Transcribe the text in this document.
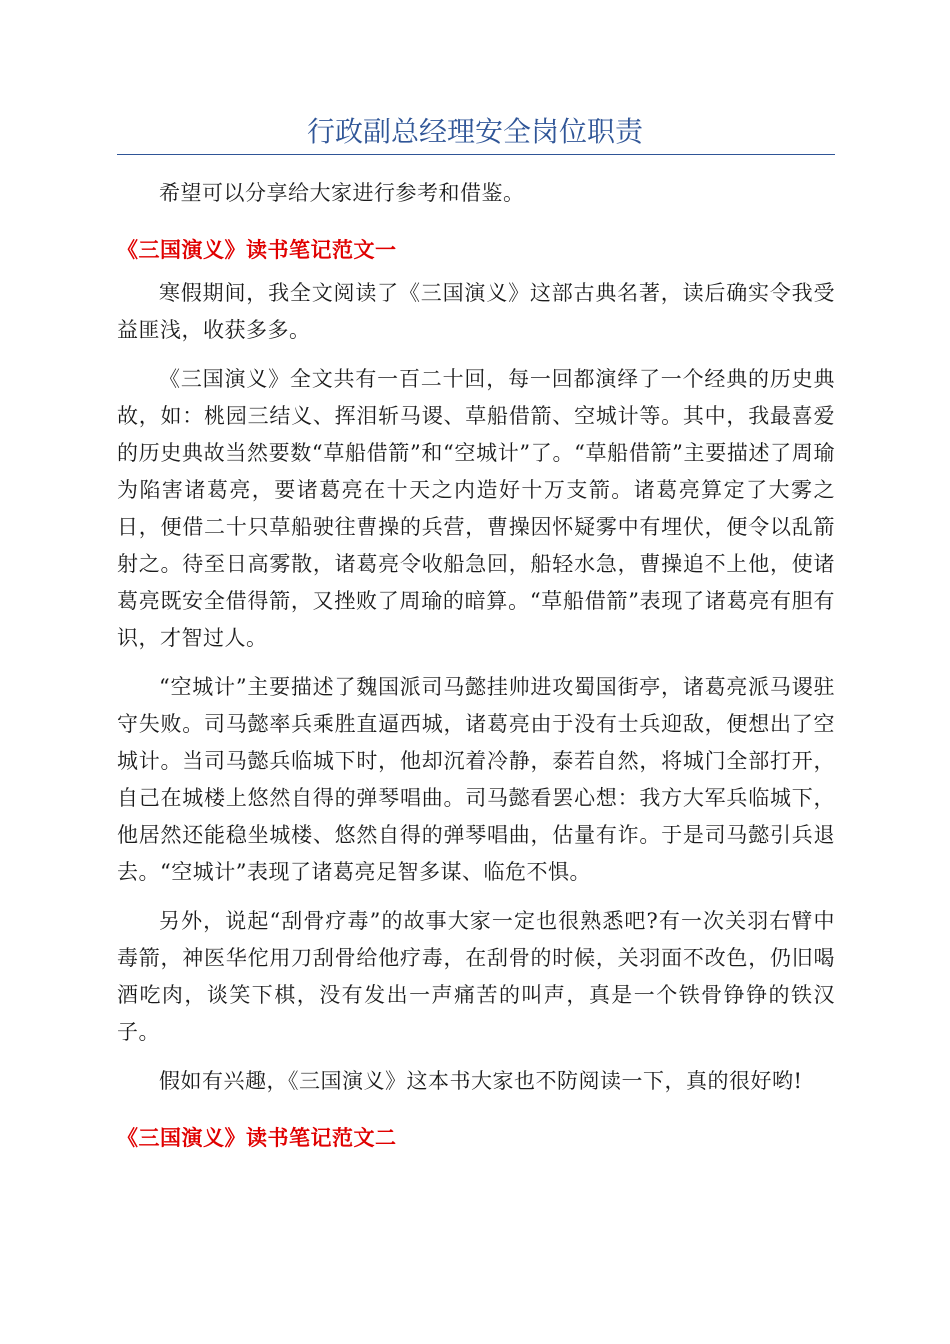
行政副总经理安全岗位职责

希望可以分享给大家进行参考和借鉴。

《三国演义》读书笔记范文一

寒假期间，我全文阅读了《三国演义》这部古典名著，读后确实令我受益匪浅，收获多多。

《三国演义》全文共有一百二十回，每一回都演绎了一个经典的历史典故，如：桃园三结义、挥泪斩马谡、草船借箭、空城计等。其中，我最喜爱的历史典故当然要数“草船借箭”和“空城计”了。“草船借箭”主要描述了周瑜为陷害诸葛亮，要诸葛亮在十天之内造好十万支箭。诸葛亮算定了大雾之日，便借二十只草船驶往曹操的兵营，曹操因怀疑雾中有埋伏，便令以乱箭射之。待至日高雾散，诸葛亮令收船急回，船轻水急，曹操追不上他，使诸葛亮既安全借得箭，又挫败了周瑜的暗算。“草船借箭”表现了诸葛亮有胆有识，才智过人。

“空城计”主要描述了魏国派司马懿挂帅进攻蜀国街亭，诸葛亮派马谡驻守失败。司马懿率兵乘胜直逼西城，诸葛亮由于没有士兵迎敌，便想出了空城计。当司马懿兵临城下时，他却沉着冷静，泰若自然，将城门全部打开，自己在城楼上悠然自得的弹琴唱曲。司马懿看罢心想：我方大军兵临城下，他居然还能稳坐城楼、悠然自得的弹琴唱曲，估量有诈。于是司马懿引兵退去。“空城计”表现了诸葛亮足智多谋、临危不惧。

另外，说起“刮骨疗毒”的故事大家一定也很熟悉吧?有一次关羽右臂中毒箭，神医华佗用刀刮骨给他疗毒，在刮骨的时候，关羽面不改色，仍旧喝酒吃肉，谈笑下棋，没有发出一声痛苦的叫声，真是一个铁骨铮铮的铁汉子。

假如有兴趣，《三国演义》这本书大家也不防阅读一下，真的很好哟!

《三国演义》读书笔记范文二
